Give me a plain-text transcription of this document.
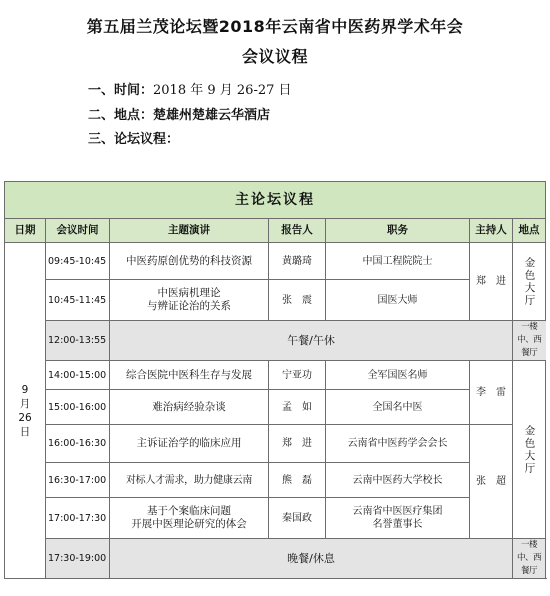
第五届兰茂论坛暨2018年云南省中医药界学术年会
会议议程
一、时间：2018 年 9 月 26-27 日
二、地点：楚雄州楚雄云华酒店
三、论坛议程：
主论坛议程						
日期	会议时间	主题演讲	报告人	职务	主持人	地点

9
月
26
日	09:45-10:45	中医药原创优势的科技资源	黄璐琦	中国工程院院士	郑　进	金色大厅

	10:45-11:45	中医病机理论
与辨证论治的关系	张　震	国医大师		
	12:00-13:55	午餐/午休				一楼中、西餐厅
	14:00-15:00	综合医院中医科生存与发展	宁亚功	全军国医名师	李　雷	金色大厅

	15:00-16:00	难治病经验杂谈	孟　如	全国名中医		
	16:00-16:30	主诉证治学的临床应用	郑　进	云南省中医药学会会长	张　超	
	16:30-17:00	对标人才需求，助力健康云南	熊　磊	云南中医药大学校长		
	17:00-17:30	基于个案临床问题
开展中医理论研究的体会	秦国政	云南省中医医疗集团
名誉董事长		
	17:30-19:00	晚餐/休息				一楼中、西餐厅
